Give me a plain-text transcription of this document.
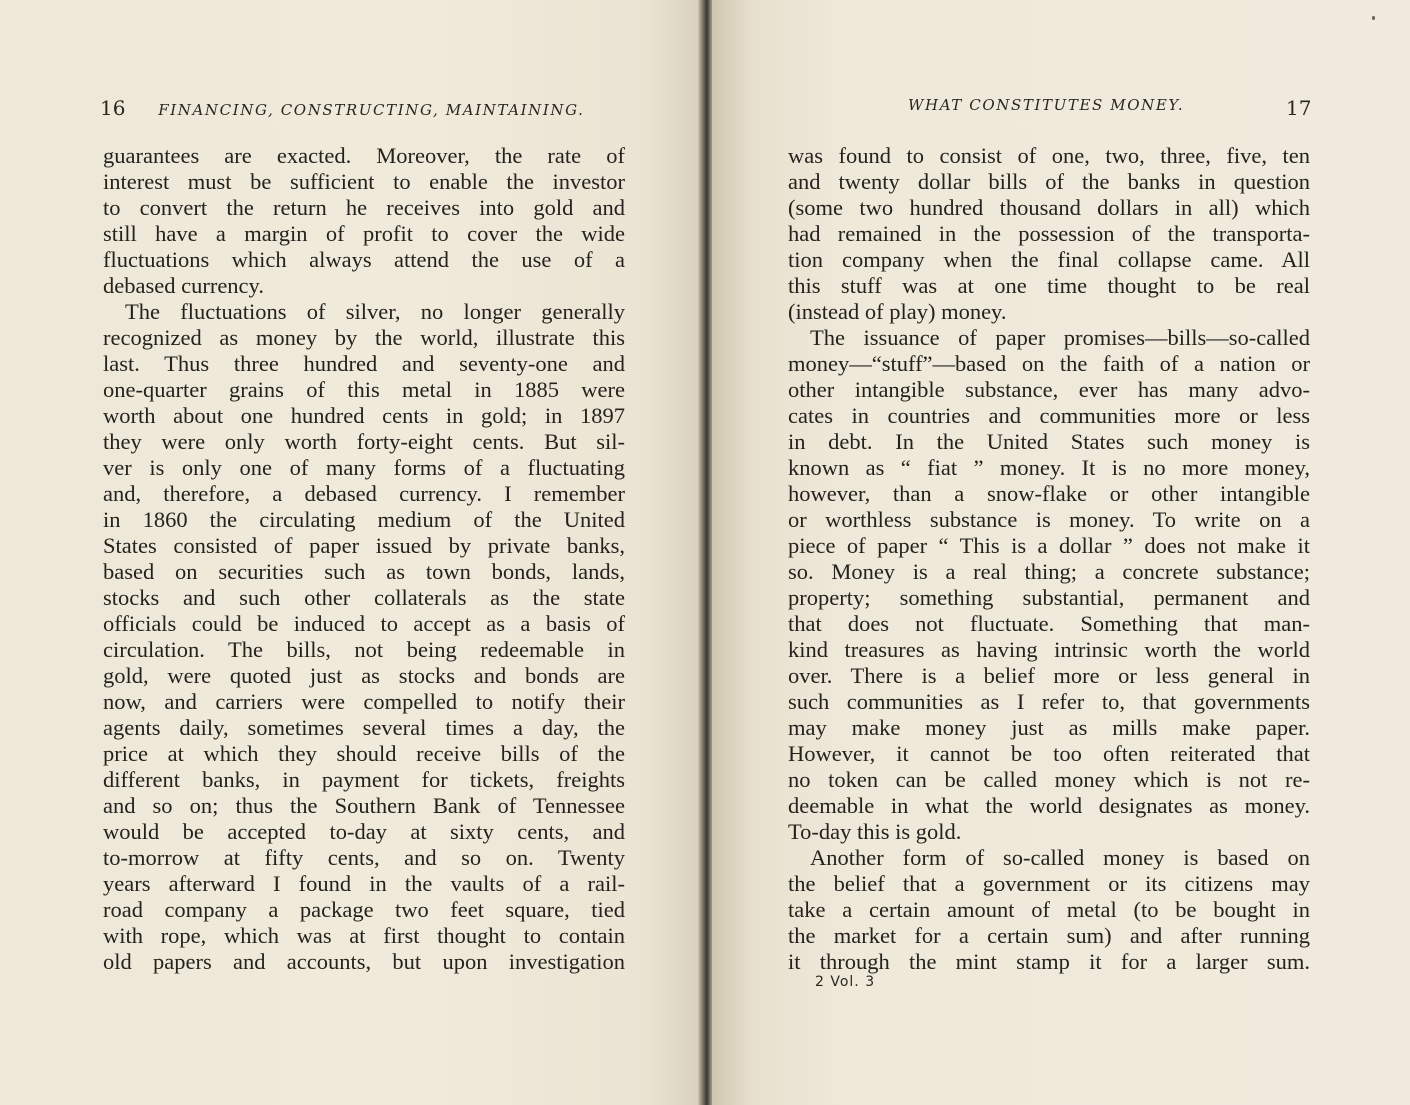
16 FINANCING, CONSTRUCTING, MAINTAINING.
guarantees are exacted. Moreover, the rate of
interest must be sufficient to enable the investor
to convert the return he receives into gold and
still have a margin of profit to cover the wide
fluctuations which always attend the use of a
debased currency.
The fluctuations of silver, no longer generally
recognized as money by the world, illustrate this
last. Thus three hundred and seventy-one and
one-quarter grains of this metal in 1885 were
worth about one hundred cents in gold; in 1897
they were only worth forty-eight cents. But sil-
ver is only one of many forms of a fluctuating
and, therefore, a debased currency. I remember
in 1860 the circulating medium of the United
States consisted of paper issued by private banks,
based on securities such as town bonds, lands,
stocks and such other collaterals as the state
officials could be induced to accept as a basis of
circulation. The bills, not being redeemable in
gold, were quoted just as stocks and bonds are
now, and carriers were compelled to notify their
agents daily, sometimes several times a day, the
price at which they should receive bills of the
different banks, in payment for tickets, freights
and so on; thus the Southern Bank of Tennessee
would be accepted to-day at sixty cents, and
to-morrow at fifty cents, and so on. Twenty
years afterward I found in the vaults of a rail-
road company a package two feet square, tied
with rope, which was at first thought to contain
old papers and accounts, but upon investigation
WHAT CONSTITUTES MONEY.	17
was found to consist of one, two, three, five, ten
and twenty dollar bills of the banks in question
(some two hundred thousand dollars in all) which
had remained in the possession of the transporta-
tion company when the final collapse came. All
this stuff was at one time thought to be real
(instead of play) money.
The issuance of paper promises—bills—so-called
money—“stuff”—based on the faith of a nation or
other intangible substance, ever has many advo-
cates in countries and communities more or less
in debt. In the United States such money is
known as “ fiat ” money. It is no more money,
however, than a snow-flake or other intangible
or worthless substance is money. To write on a
piece of paper “ This is a dollar ” does not make it
so. Money is a real thing; a concrete substance;
property; something substantial, permanent and
that does not fluctuate. Something that man-
kind treasures as having intrinsic worth the world
over. There is a belief more or less general in
such communities as I refer to, that governments
may make money just as mills make paper.
However, it cannot be too often reiterated that
no token can be called money which is not re-
deemable in what the world designates as money.
To-day this is gold.
Another form of so-called money is based on
the belief that a government or its citizens may
take a certain amount of metal (to be bought in
the market for a certain sum) and after running
it through the mint stamp it for a larger sum.
2 Vol. 3
